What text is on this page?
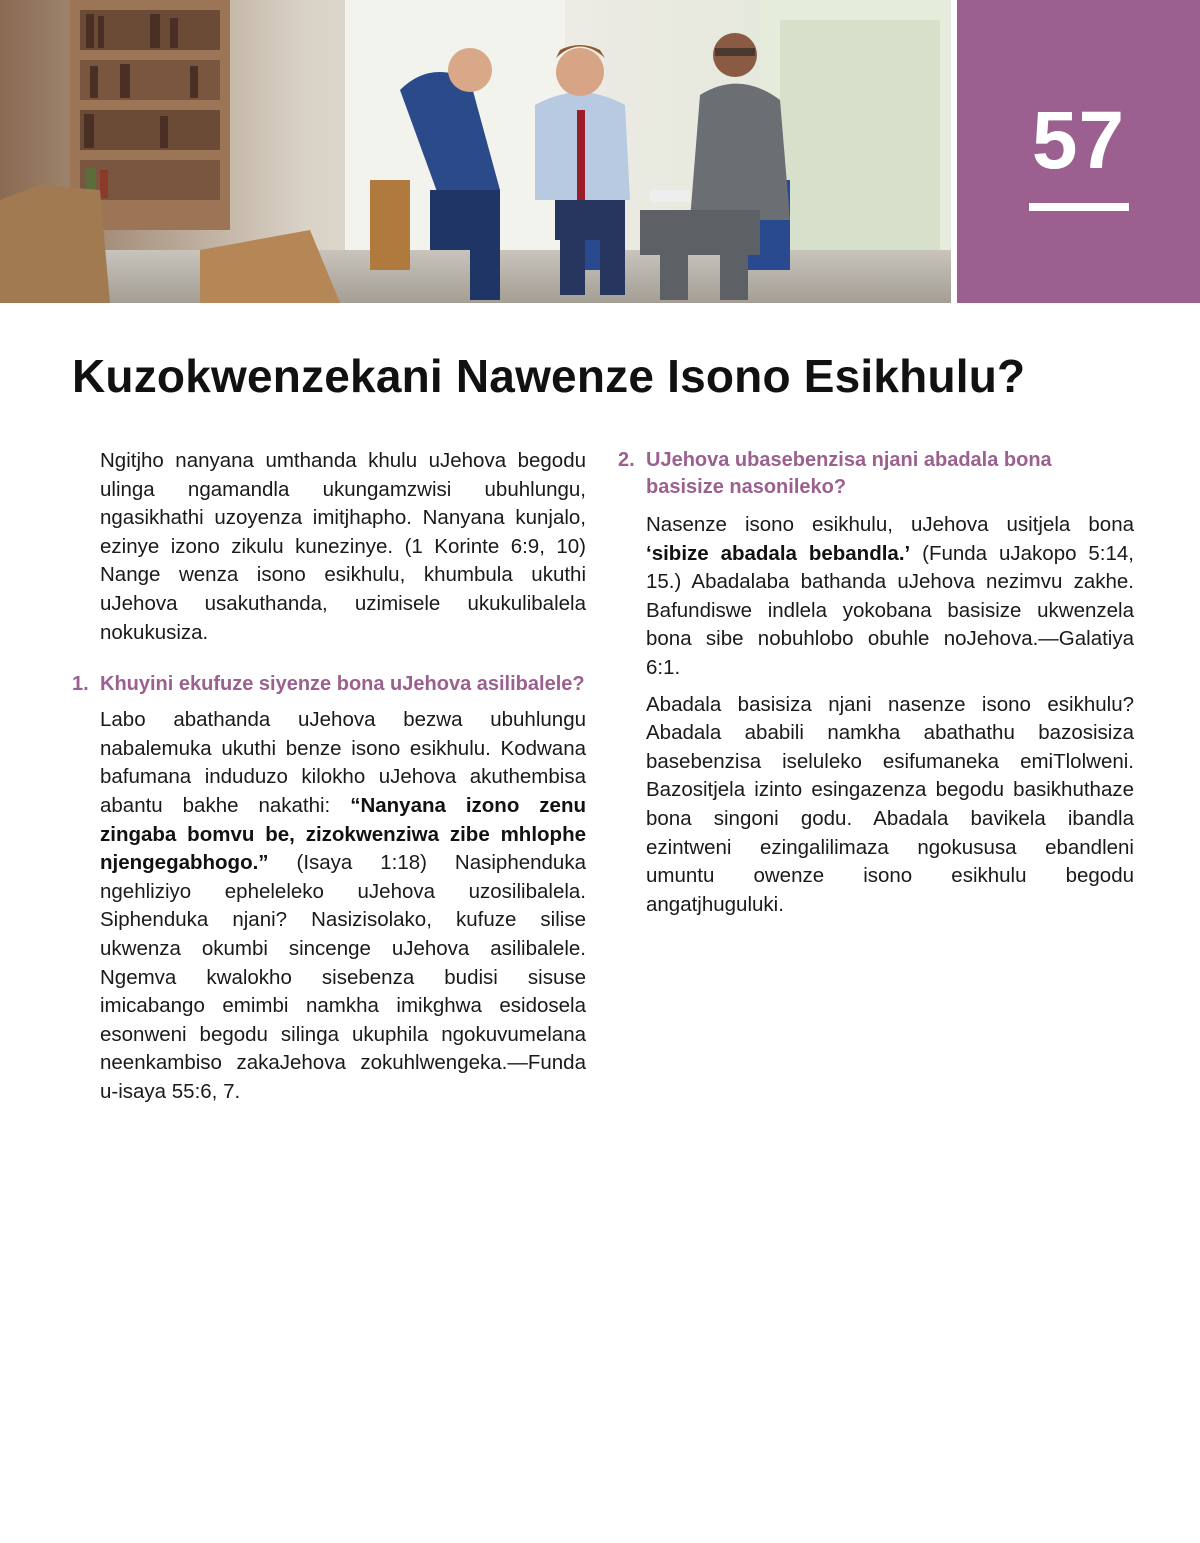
57
Kuzokwenzekani Nawenze Isono Esikhulu?

Ngitjho nanyana umthanda khulu uJehova begodu ulinga ngamandla ukungamzwisi ubuhlungu, ngasikhathi uzoyenza imitjhapho. Nanyana kunjalo, ezinye izono zikulu kunezinye. (1 Korinte 6:9, 10) Nange wenza isono esikhulu, khumbula ukuthi uJehova usakuthanda, uzimisele ukukulibalela nokukusiza.

1. Khuyini ekufuze siyenze bona uJehova asilibalele?

Labo abathanda uJehova bezwa ubuhlungu nabalemuka ukuthi benze isono esikhulu. Kodwana bafumana induduzo kilokho uJehova akuthembisa abantu bakhe nakathi: “Nanyana izono zenu zingaba bomvu be, zizokwenziwa zibe mhlophe njengegabhogo.” (Isaya 1:18) Nasiphenduka ngehliziyo epheleleko uJehova uzosilibalela. Siphenduka njani? Nasizisolako, kufuze silise ukwenza okumbi sincenge uJehova asilibalele. Ngemva kwalokho sisebenza budisi sisuse imicabango emimbi namkha imikghwa esidosela esonweni begodu silinga ukuphila ngokuvumelana neenkambiso zakaJehova zokuhlwengeka.—Funda u-isaya 55:6, 7.

2. UJehova ubasebenzisa njani abadala bona basisize nasonileko?

Nasenze isono esikhulu, uJehova usitjela bona ‘sibize abadala bebandla.’ (Funda uJakopo 5:14, 15.) Abadalaba bathanda uJehova nezimvu zakhe. Bafundiswe indlela yokobana basisize ukwenzela bona sibe nobuhlobo obuhle noJehova.—Galatiya 6:1.

Abadala basisiza njani nasenze isono esikhulu? Abadala ababili namkha abathathu bazosisiza basebenzisa iseluleko esifumaneka emiTlolweni. Bazositjela izinto esingazenza begodu basikhuthaze bona singoni godu. Abadala bavikela ibandla ezintweni ezingalilimaza ngokususa ebandleni umuntu owenze isono esikhulu begodu angatjhuguluki.
